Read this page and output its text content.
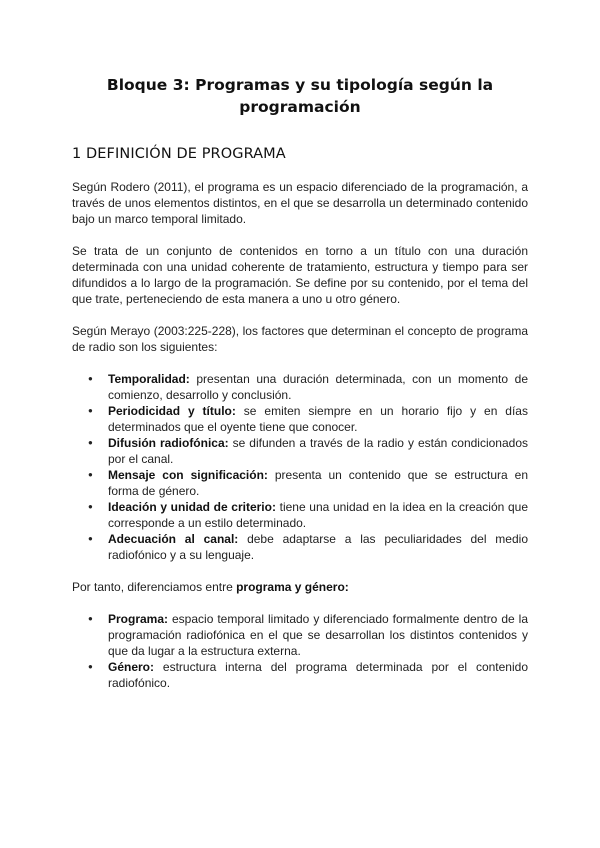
Bloque 3: Programas y su tipología según la programación
1 DEFINICIÓN DE PROGRAMA

Según Rodero (2011), el programa es un espacio diferenciado de la programación, a través de unos elementos distintos, en el que se desarrolla un determinado contenido bajo un marco temporal limitado.

Se trata de un conjunto de contenidos en torno a un título con una duración determinada con una unidad coherente de tratamiento, estructura y tiempo para ser difundidos a lo largo de la programación. Se define por su contenido, por el tema del que trate, perteneciendo de esta manera a uno u otro género.

Según Merayo (2003:225-228), los factores que determinan el concepto de programa de radio son los siguientes:

● Temporalidad: presentan una duración determinada, con un momento de comienzo, desarrollo y conclusión.
● Periodicidad y título: se emiten siempre en un horario fijo y en días determinados que el oyente tiene que conocer.
● Difusión radiofónica: se difunden a través de la radio y están condicionados por el canal.
● Mensaje con significación: presenta un contenido que se estructura en forma de género.
● Ideación y unidad de criterio: tiene una unidad en la idea en la creación que corresponde a un estilo determinado.
● Adecuación al canal: debe adaptarse a las peculiaridades del medio radiofónico y a su lenguaje.

Por tanto, diferenciamos entre programa y género:

● Programa: espacio temporal limitado y diferenciado formalmente dentro de la programación radiofónica en el que se desarrollan los distintos contenidos y que da lugar a la estructura externa.
● Género: estructura interna del programa determinada por el contenido radiofónico.
